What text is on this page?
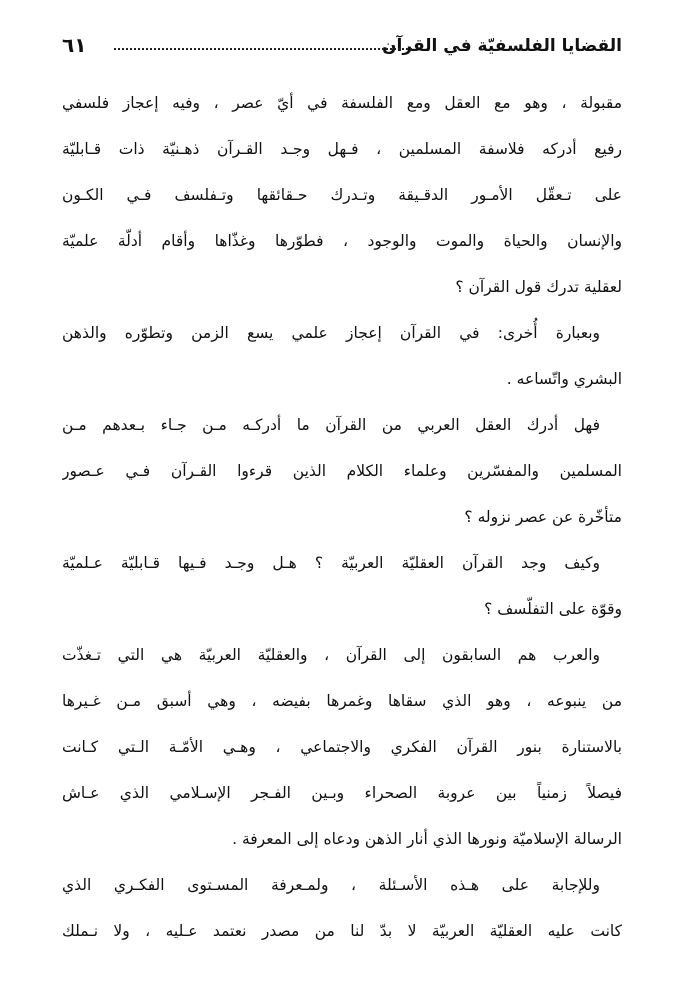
القضايا الفلسفيّة في القرآن
٦١
مقبولة ، وهو مع العقل ومع الفلسفة في أيّ عصر ، وفيه إعجاز فلسفي
رفيع أدركه فلاسفة المسلمين ، فـهل وجـد القـرآن ذهـنيّة ذات قـابليّة
على تـعقّل الأمـور الدقـيقة وتـدرك حـقائقها وتـفلسف فـي الكـون
والإنسان والحياة والموت والوجود ، فطوّرها وغذّاها وأقام أدلّة علميّة
لعقلية تدرك قول القرآن ؟
وبعبارة أُخرى: في القرآن إعجاز علمي يسع الزمن وتطوّره والذهن
البشري واتّساعه .
فهل أدرك العقل العربي من القرآن ما أدركـه مـن جـاء بـعدهم مـن
المسلمين والمفسّرين وعلماء الكلام الذين قرءوا القـرآن فـي عـصور
متأخّرة عن عصر نزوله ؟
وكيف وجد القرآن العقليّة العربيّة ؟ هـل وجـد فـيها قـابليّة عـلميّة
وقوّة على التفلّسف ؟
والعرب هم السابقون إلى القرآن ، والعقليّة العربيّة هي التي تـغذّت
من ينبوعه ، وهو الذي سقاها وغمرها بفيضه ، وهي أسبق مـن غـيرها
بالاستنارة بنور القرآن الفكري والاجتماعي ، وهـي الأمّـة الـتي كـانت
فيصلاً زمنياً بين عروبة الصحراء وبـين الفـجر الإسـلامي الذي عـاش
الرسالة الإسلاميّة ونورها الذي أنار الذهن ودعاه إلى المعرفة .
وللإجابة على هـذه الأسـئلة ، ولمـعرفة المسـتوى الفكـري الذي
كانت عليه العقليّة العربيّة لا بدّ لنا من مصدر نعتمد عـليه ، ولا نـملك
